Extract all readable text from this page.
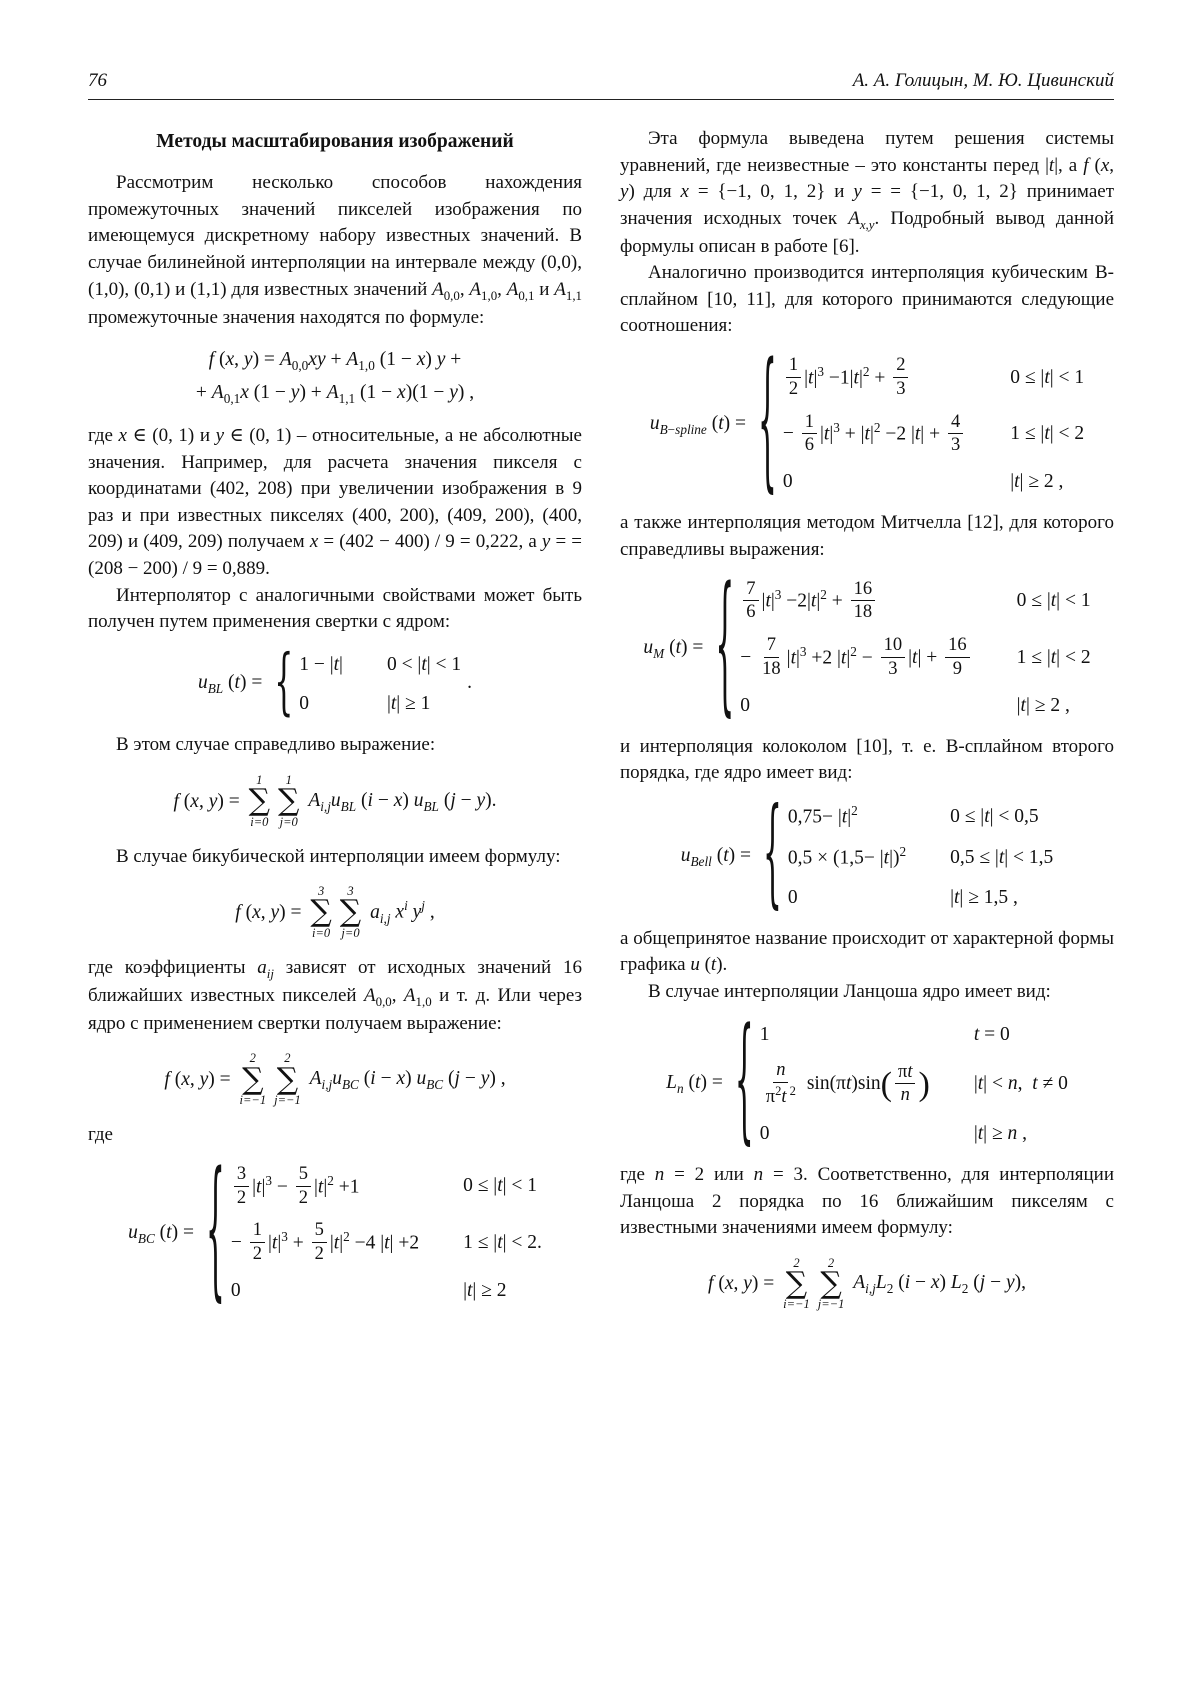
76	А. А. Голицын, М. Ю. Цивинский
Методы масштабирования изображений

Рассмотрим несколько способов нахождения промежуточных значений пикселей изображения по имеющемуся дискретному набору известных значений. В случае билинейной интерполяции на интервале между (0,0), (1,0), (0,1) и (1,1) для известных значений $A_{0,0}$, $A_{1,0}$, $A_{0,1}$ и $A_{1,1}$ промежуточные значения находятся по формуле:

f (x, $y) = A_{0,0}xy + A_{1,0}$ (1 − x) y +
+ $A_{0,1}x$ $(1 - y) + A_{1,1}$ (1 − x)(1 − y) ,

где x ∈ (0, 1) и y ∈ (0, 1) – относительные, а не абсолютные значения. Например, для расчета значения пикселя с координатами (402, 208) при увеличении изображения в 9 раз и при известных пикселях (400, 200), (409, 200), (400, 209) и (409, 209) получаем x = (402 − 400) / 9 = 0,222, а y = = (208 − 200) / 9 = 0,889.

Интерполятор с аналогичными свойствами может быть получен путем применения свертки с ядром:

$u_{BL}$ (t) = { 1 − |t| 0 < |t| < 1
0	|t| ≥ 1
.

В этом случае справедливо выражение:

f (x, y) =
1
∑
i=0
1
∑
j=0
$A_{i,j}u_{BL}$ (i − x) $u_{BL}$ (j − y).

В случае бикубической интерполяции имеем формулу:

f (x, y) =
3
∑
i=0
3
∑
j=0
$a_{i,j}$ $x^i$ $y^j$ ,

где коэффициенты $a_{ij}$ зависят от исходных значений 16 ближайших известных пикселей $A_{0,0}$, $A_{1,0}$ и т. д. Или через ядро с применением свертки получаем выражение:

f (x, y) =
2
∑
i=−1
2
∑
j=−1
$A_{i,j}u_{BC}$ (i − x) $u_{BC}$ (j − y) ,

где

$u_{BC}$ (t) = { $\frac{3}{2} |t|^3 - \frac{5}{2} |t|^2 +1$	0 ≤ |t| < 1
− $\frac{1}{2} |t|^3 + \frac{5}{2} |t|^2 -4$ |t| +2 1 ≤ |t| < 2.
0	|t| ≥ 2

Эта формула выведена путем решения системы уравнений, где неизвестные – это константы перед |t|, а f (x, y) для x = {−1, 0, 1, 2} и y = = {−1, 0, 1, 2} принимает значения исходных точек $A_{x,y}$. Подробный вывод данной формулы описан в работе [6].

Аналогично производится интерполяция кубическим B-сплайном [10, 11], для которого принимаются следующие соотношения:

$u_{B-spline}$ (t) = { $\frac{1}{2} |t|^3 -1|t|^2 + \frac{2}{3}$	0 ≤ |t| < 1
− $\frac{1}{6} |t|^3 + |t|^2 -2$ $|t| + \frac{4}{3} 1 \le |t| < 2$
0	|t| ≥ 2 ,

а также интерполяция методом Митчелла [12], для которого справедливы выражения:

$u_M$ (t) = { $\frac{7}{6} |t|^3 -2|t|^2 + \frac{16}{18}$	0 ≤ |t| < 1
− $\frac{7}{18} |t|^3 +2$ $|t|^2 - \frac{10}{3} |t| + \frac{16}{9} 1 \le |t| < 2$
0	|t| ≥ 2 ,

и интерполяция колоколом [10], т. е. B-сплайном второго порядка, где ядро имеет вид:

$u_{Bell}$ (t) = { $0,75- |t|^2$	0 ≤ |t| < 0,5
$0,5 \times (1,5- |t|)^2$ 0,5 ≤ |t| < 1,5
0	|t| ≥ 1,5 ,

а общепринятое название происходит от характерной формы графика u (t).

В случае интерполяции Ланцоша ядро имеет вид:

$L_n$ (t) = { 1	t = 0
$\frac{n}{\pi^2t ^2} \sin(\pi t)\sin$ ( $\frac{\pi t}{n}$ ) |t| < n,  t ≠ 0
0	|t| ≥ n ,

где n = 2 или n = 3. Соответственно, для интерполяции Ланцоша 2 порядка по 16 ближайшим пикселям с известными значениями имеем формулу:

f (x, y) =
2
∑
i=−1
2
∑
j=−1
$A_{i,j}L_2$ (i − x) $L_2$ (j − y),
